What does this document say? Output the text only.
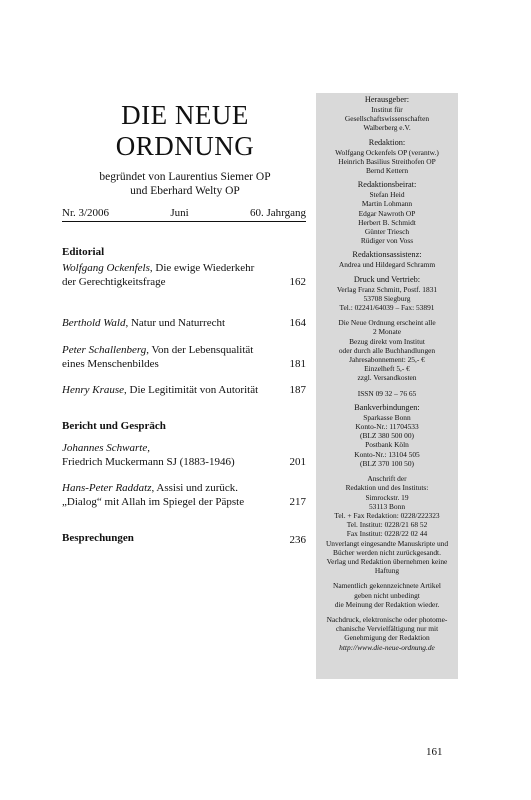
DIE NEUE
ORDNUNG
begründet von Laurentius Siemer OP
und Eberhard Welty OP
Nr. 3/2006	Juni	60. Jahrgang
Editorial
Wolfgang Ockenfels, Die ewige Wiederkehr
der Gerechtigkeitsfrage	162
Berthold Wald, Natur und Naturrecht	164
Peter Schallenberg, Von der Lebensqualität
eines Menschenbildes	181
Henry Krause, Die Legitimität von Autorität	187
Bericht und Gespräch
Johannes Schwarte,
Friedrich Muckermann SJ (1883-1946)	201
Hans-Peter Raddatz, Assisi und zurück.
„Dialog“ mit Allah im Spiegel der Päpste	217
Besprechungen	236
Herausgeber:
Institut für
Gesellschaftswissenschaften
Walberberg e.V.
Redaktion:
Wolfgang Ockenfels OP (verantw.)
Heinrich Basilius Streithofen OP
Bernd Kettern
Redaktionsbeirat:
Stefan Heid
Martin Lohmann
Edgar Nawroth OP
Herbert B. Schmidt
Günter Triesch
Rüdiger von Voss
Redaktionsassistenz:
Andrea und Hildegard Schramm
Druck und Vertrieb:
Verlag Franz Schmitt, Postf. 1831
53708 Siegburg
Tel.: 02241/64039 – Fax: 53891
Die Neue Ordnung erscheint alle
2 Monate
Bezug direkt vom Institut
oder durch alle Buchhandlungen
Jahresabonnement: 25,- €
Einzelheft 5,- €
zzgl. Versandkosten
ISSN 09 32 – 76 65
Bankverbindungen:
Sparkasse Bonn
Konto-Nr.: 11704533
(BLZ 380 500 00)
Postbank Köln
Konto-Nr.: 13104 505
(BLZ 370 100 50)
Anschrift der
Redaktion und des Instituts:
Simrockstr. 19
53113 Bonn
Tel. + Fax Redaktion: 0228/222323
Tel. Institut: 0228/21 68 52
Fax Institut: 0228/22 02 44
Unverlangt eingesandte Manuskripte und
Bücher werden nicht zurückgesandt.
Verlag und Redaktion übernehmen keine
Haftung
Namentlich gekennzeichnete Artikel
geben nicht unbedingt
die Meinung der Redaktion wieder.
Nachdruck, elektronische oder photome-
chanische Vervielfältigung nur mit
Genehmigung der Redaktion
http://www.die-neue-ordnung.de
161
